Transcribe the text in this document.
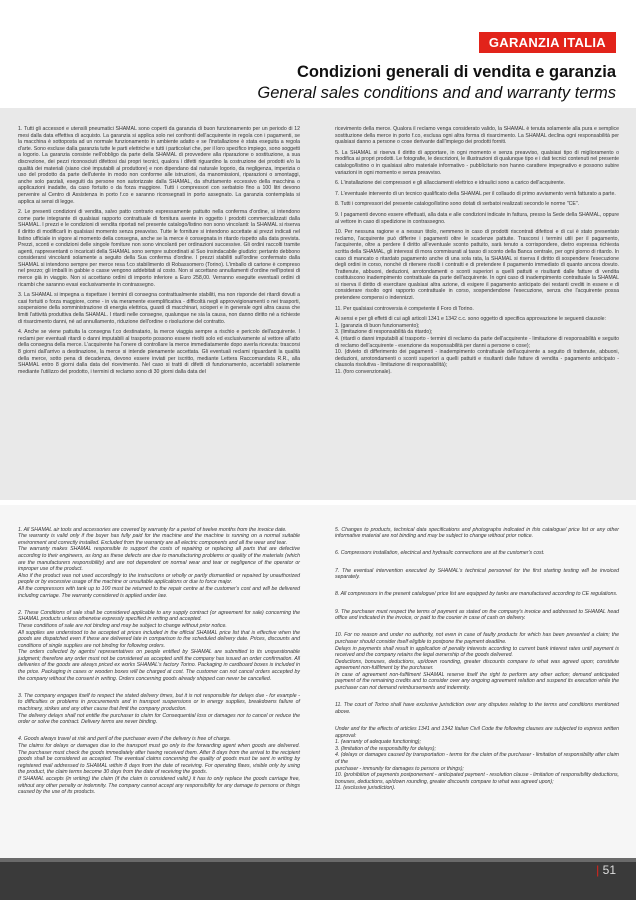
GARANZIA ITALIA
Condizioni generali di vendita e garanzia
General sales conditions and and warranty terms

1. Tutti gli accessori e utensili pneumatici SHAMAL sono coperti da garanzia di buon funzionamento per un periodo di 12 mesi dalla data effettiva di acquisto. La garanzia si applica solo nei confronti dell'acquirente in regola con i pagamenti, se la macchina è sottoposta ad un normale funzionamento in ambiente adatto e se l'installazione è stata eseguita a regola d'arte. Sono escluse dalla garanzia tutte le parti elettriche e tutti i particolari che, per il loro specifico impiego, sono soggetti a logorio. La garanzia consiste nell'obbligo da parte della SHAMAL di provvedere alla riparazione o sostituzione, a sua discrezione, dei pezzi riconosciuti difettosi dai propri tecnici, qualora i difetti riguardino la costruzione dei prodotti e/o la qualità dei materiali (siano cioè imputabili al produttore) e non dipendano dal naturale logorio, da negligenza, imperizia o uso del prodotto da parte dell'utente in modo non conforme alle istruzioni, da manomissioni, riparazioni o smontaggi, anche solo parziali, eseguiti da persone non autorizzate dalla SHAMAL, da sfruttamento eccessivo della macchina o applicazioni inadatte, da caso fortuito o da forza maggiore. Tutti i compressori con serbatoio fino a 100 litri devono pervenire al Centro di Assistenza in porto f.co e saranno riconsegnati in porto assegnato. La garanzia contemplata si applica ai sensi di legge.

2. Le presenti condizioni di vendita, salvo patto contrario espressamente pattuito nella conferma d'ordine, si intendono come parte integrante di qualsiasi rapporto contrattuale di fornitura avente in oggetto i prodotti commercializzati dalla SHAMAL. I prezzi e le condizioni di vendita riportati nel presente catalogo/listino non sono vincolanti: la SHAMAL si riserva il diritto di modificarli in qualsiasi momento senza preavviso. Tutte le forniture si intendono accettate ai prezzi indicati nel listino ufficiale in vigore al momento della consegna, anche se la merce è consegnata in ritardo rispetto alla data prevista. Prezzi, sconti e condizioni delle singole forniture non sono vincolanti per ordinazioni successive. Gli ordini raccolti tramite agenti, rappresentanti o incaricati della SHAMAL sono sempre subordinati al Suo insindacabile giudizio: pertanto debbono considerarsi vincolanti solamente a seguito della Sua conferma d'ordine. I prezzi stabiliti sull'ordine confermato dalla SHAMAL si intendono sempre per merce resa f.co stabilimento di Robassomero (Torino). L'imballo di cartone è compreso nel prezzo; gli imballi in gabbie o casse vengono addebitati al costo. Non si accettano annullamenti d'ordine nell'ipotesi di merce già in viaggio. Non si accettano ordini di importo inferiore a Euro 258,00. Verranno eseguite eventuali ordini di ricambi che saranno evasi esclusivamente in contrassegno.

3. La SHAMAL si impegna a rispettare i termini di consegna contrattualmente stabiliti, ma non risponde dei ritardi dovuti a casi fortuiti o forza maggiore, come - in via meramente esemplificativa - difficoltà negli approvvigionamenti o nei trasporti, sospensione della somministrazione di energia elettrica, guasti di macchinari, scioperi e in generale ogni altra causa che limiti l'attività produttiva della SHAMAL. I ritardi nelle consegne, qualunque ne sia la causa, non danno diritto né a richieste di risarcimento danni, né ad annullamento, riduzione dell'ordine o risoluzione del contratto.

4. Anche se viene pattuita la consegna f.co destinatario, la merce viaggia sempre a rischio e pericolo dell'acquirente. I reclami per eventuali ritardi o danni imputabili al trasporto possono essere rivolti solo ed esclusivamente al vettore all'atto della consegna della merce. L'acquirente ha l'onere di controllare la merce immediatamente dopo averla ricevuta: trascorsi 8 giorni dall'arrivo a destinazione, la merce si intende pienamente accettata. Gli eventuali reclami riguardanti la qualità della merce, sotto pena di decadenza, devono essere inviati per iscritto, mediante Lettera Raccomandata R.R., alla SHAMAL entro 8 giorni dalla data del ricevimento. Nel caso si tratti di difetti di funzionamento, accertabili solamente mediante l'utilizzo del prodotto, i termini di reclamo sono di 30 giorni dalla data del

ricevimento della merce. Qualora il reclamo venga considerato valido, la SHAMAL è tenuta solamente alla pura e semplice sostituzione della merce in porto f.co, esclusa ogni altra forma di risarcimento. La SHAMAL declina ogni responsabilità per qualsiasi danno a persone o cose derivante dall'impiego dei prodotti forniti.

5. La SHAMAL si riserva il diritto di apportare, in ogni momento e senza preavviso, qualsiasi tipo di miglioramento o modifica ai propri prodotti. Le fotografie, le descrizioni, le illustrazioni di qualunque tipo e i dati tecnici contenuti nel presente catalogo/listino o in qualsiasi altro materiale informativo - pubblicitario non hanno carattere impegnativo e possono subire variazioni in ogni momento e senza preavviso.

6. L'installazione dei compressori e gli allacciamenti elettrico e idraulici sono a carico dell'acquirente.

7. L'eventuale intervento di un tecnico qualificato della SHAMAL per il collaudo di primo avviamento verrà fatturato a parte.

8. Tutti i compressori del presente catalogo/listino sono dotati di serbatoi realizzati secondo le norme "CE".

9. I pagamenti devono essere effettuati, alla data e alle condizioni indicate in fattura, presso la Sede della SHAMAL, oppure al vettore in caso di spedizione in contrassegno.

10. Per nessuna ragione e a nessun titolo, nemmeno in caso di prodotti riscontrati difettosi e di cui è stato presentato reclamo, l'acquirente può differire i pagamenti oltre le scadenze pattuite. Trascorsi i termini utili per il pagamento, l'acquirente, oltre a perdere il diritto all'eventuale sconto pattuito, sarà tenuto a corrispondere, dietro espressa richiesta scritta della SHAMAL, gli interessi di mora commisurati al tasso di sconto della Banca centrale, per ogni giorno di ritardo. In caso di mancato o ritardato pagamento anche di una sola rata, la SHAMAL si riserva il diritto di sospendere l'esecuzione degli ordini in corso, nonché di ritenere risolti i contratti e di pretendere il pagamento immediato di quanto ancora dovuto. Trattenute, abbuoni, deduzioni, arrotondamenti o sconti superiori a quelli pattuiti e risultanti dalle fatture di vendita costituiscono inadempimento contrattuale da parte dell'acquirente. In ogni caso di inadempimento contrattuale la SHAMAL si riserva il diritto di esercitare qualsiasi altra azione, di esigere il pagamento anticipato dei restanti crediti in essere e di considerare risolto ogni rapporto contrattuale in corso, sospendendone l'esecuzione, senza che l'acquirente possa pretendere compensi o indennizzi.

11. Per qualsiasi controversia è competente il Foro di Torino.

Ai sensi e per gli effetti di cui agli articoli 1341 e 1342 c.c. sono oggetto di specifica approvazione le seguenti clausole:
1. (garanzia di buon funzionamento);
3. (limitazione di responsabilità da ritardo);
4. (ritardi o danni imputabili al trasporto - termini di reclamo da parte dell'acquirente - limitazione di responsabilità e seguito di reclamo dell'acquirente - esenzione da responsabilità per danni a persone o cose);
10. (divieto di differimento dei pagamenti - inadempimento contrattuale dell'acquirente a seguito di trattenute, abbuoni, deduzioni, arrotondamenti o sconti superiori a quelli pattuiti e risultanti dalle fatture di vendita - pagamento anticipato - clausola risolutiva - limitazione di responsabilità);
11. (foro convenzionale).

1. All SHAMAL air tools and accessories are covered by warranty for a period of twelve months from the invoice date.
The warranty is valid only if the buyer has fully paid for the machine and the machine is running on a normal suitable environment and correctly installed. Excluded from the warranty are all electric components and all the wear and tear.
The warranty makes SHAMAL responsible to support the costs of repairing or replacing all parts that are defective according to their engineers, as long as these defects are due to manufacturing problems or quality of the materials (which are the manufacturers responsibility) and are not dependent on normal wear and tear or negligence of the operator or improper use of the product.
Also if the product was not used accordingly to the instructions or wholly or partly dismantled or repaired by unauthorized people or by excessive usage of the machine or unsuitable applications or due to force major.
All the compressors with tank up to 100 must be returned to the repair centre at the customer's cost and will be delivered including carriage. The warranty considered is applied under law.

2. These Conditions of sale shall be considered applicable to any supply contract (or agreement for sale) concerning the SHAMAL products unless otherwise expressly specified in writing and accepted.
These conditions of sale are not binding and may be subject to change without prior notice.
All supplies are understood to be accepted at prices included in the official SHAMAL price list that is effective when the goods are dispatched even if these are delivered late in comparison to the scheduled delivery date. Prices, discounts and conditions of single supplies are not binding for following orders.
The orders collected by agents/ representatives on people entitled by SHAMAL are submitted to its unquestionable judgment; therefore any order must not be considered as accepted until the company has issued an order confirmation. All deliveries of the goods are always priced ex works SHAMAL's factory Torino. Packaging in cardboard boxes is included in the price. Packaging in cases or wooden boxes will be charged at cost. The customer can not cancel orders accepted by the company without the consent in writing. Orders concerning goods already shipped can never be cancelled.

3. The company engages itself to respect the stated delivery times, but it is not responsible for delays due - for example - to difficulties or problems in procurements and in transport suspensions or in energy supplies, breakdowns failure of machinery, strikes and any other cause that limit the company production.
The delivery delays shall not entitle the purchaser to claim for Consequential loss or damages nor to cancel or reduce the order or solve the contract. Delivery terms are never binding.

4. Goods always travel at risk and peril of the purchaser even if the delivery is free of charge.
The claims for delays or damages due to the transport must go only to the forwarding agent when goods are delivered. The purchaser must check the goods immediately after having received them. After 8 days from the arrival to the recipient goods shall be considered as accepted. The eventual claims concerning the quality of goods must be sent in writing by registered mail addressed to SHAMAL within 8 days from the date of receiving. For operating flaws, visible only by using the product, the claim terms become 30 days from the date of receiving the goods.
If SHAMAL accepts (in writing) the claim (if the claim is considered valid,) it has to only replace the goods carriage free, without any other penalty or indemnity. The company cannot accept any responsibility for any damage to persons or things caused by the use of its products.

5. Changes to products, technical data specifications and photographs indicated in this catalogue/ price list or any other informative material are not binding and may be subject to change without prior notice.

6. Compressors installation, electrical and hydraulic connections are at the customer's cost.

7. The eventual intervention executed by SHAMAL's technical personnel for the first starting testing will be invoiced separately.

8. All compressors in the present catalogue/ price list are equipped by tanks are manufactured according to CE regulations.

9. The purchaser must respect the terms of payment as stated on the company's invoice and addressed to SHAMAL head office and indicated in the invoice, or paid to the courier in case of cash on delivery.

10. For no reason and under no authority, not even in case of faulty products for which has been presented a claim; the purchaser should consider itself eligible to postpone the payment deadline.
Delays in payments shall result in application of penalty interests according to current bank interest rates until payment is received and the company retains the legal ownership of the goods delivered.
Deductions, bonuses, deductions, up/down rounding, greater discounts compare to what was agreed upon; constitute agreement non-fulfilment by the purchaser.
In case of agreement non-fulfilment SHAMAL reserve itself the right to perform any other action; demand anticipated payment of the remaining credits and to consider over any ongoing agreement relation and suspend its execution while the purchaser can not demand reimbursements and indemnity.

11. The court of Torino shall have exclusive jurisdiction over any disputes relating to the terms and conditions mentioned above.

Under and for the effects of articles 1341 and 1342 Italian Civil Code the following clauses are subjected to express written approval:
1. (warranty of adequate functioning);
3. (limitation of the responsibility for delays);
4. (delays or damages caused by transportation - terms for the claim of the purchaser - limitation of responsibility after claim of the
purchaser - immunity for damages to persons or things);
10. (prohibition of payments postponement - anticipated payment - resolution clause - limitation of responsibility deductions, bonuses, deductions, up/down rounding, greater discounts compare to what was agreed upon);
11. (exclusive jurisdiction).

| 51
